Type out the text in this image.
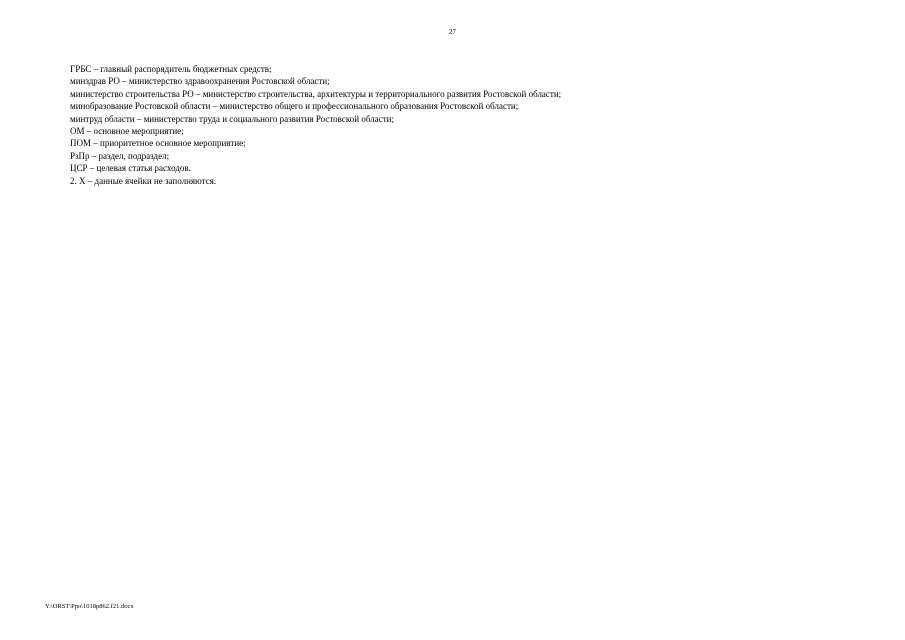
27
ГРБС – главный распорядитель бюджетных средств;
минздрав РО – министерство здравоохранения Ростовской области;
министерство строительства РО – министерство строительства, архитектуры и территориального развития Ростовской области;
минобразование Ростовской области – министерство общего и профессионального образования Ростовской области;
минтруд области – министерство труда и социального развития Ростовской области;
ОМ – основное мероприятие;
ПОМ – приоритетное основное мероприятие;
РзПр – раздел, подраздел;
ЦСР – целевая статья расходов.
2. Х – данные ячейки не заполняются.
Y:\ORST\Ppo\1018p862.f21.docx
